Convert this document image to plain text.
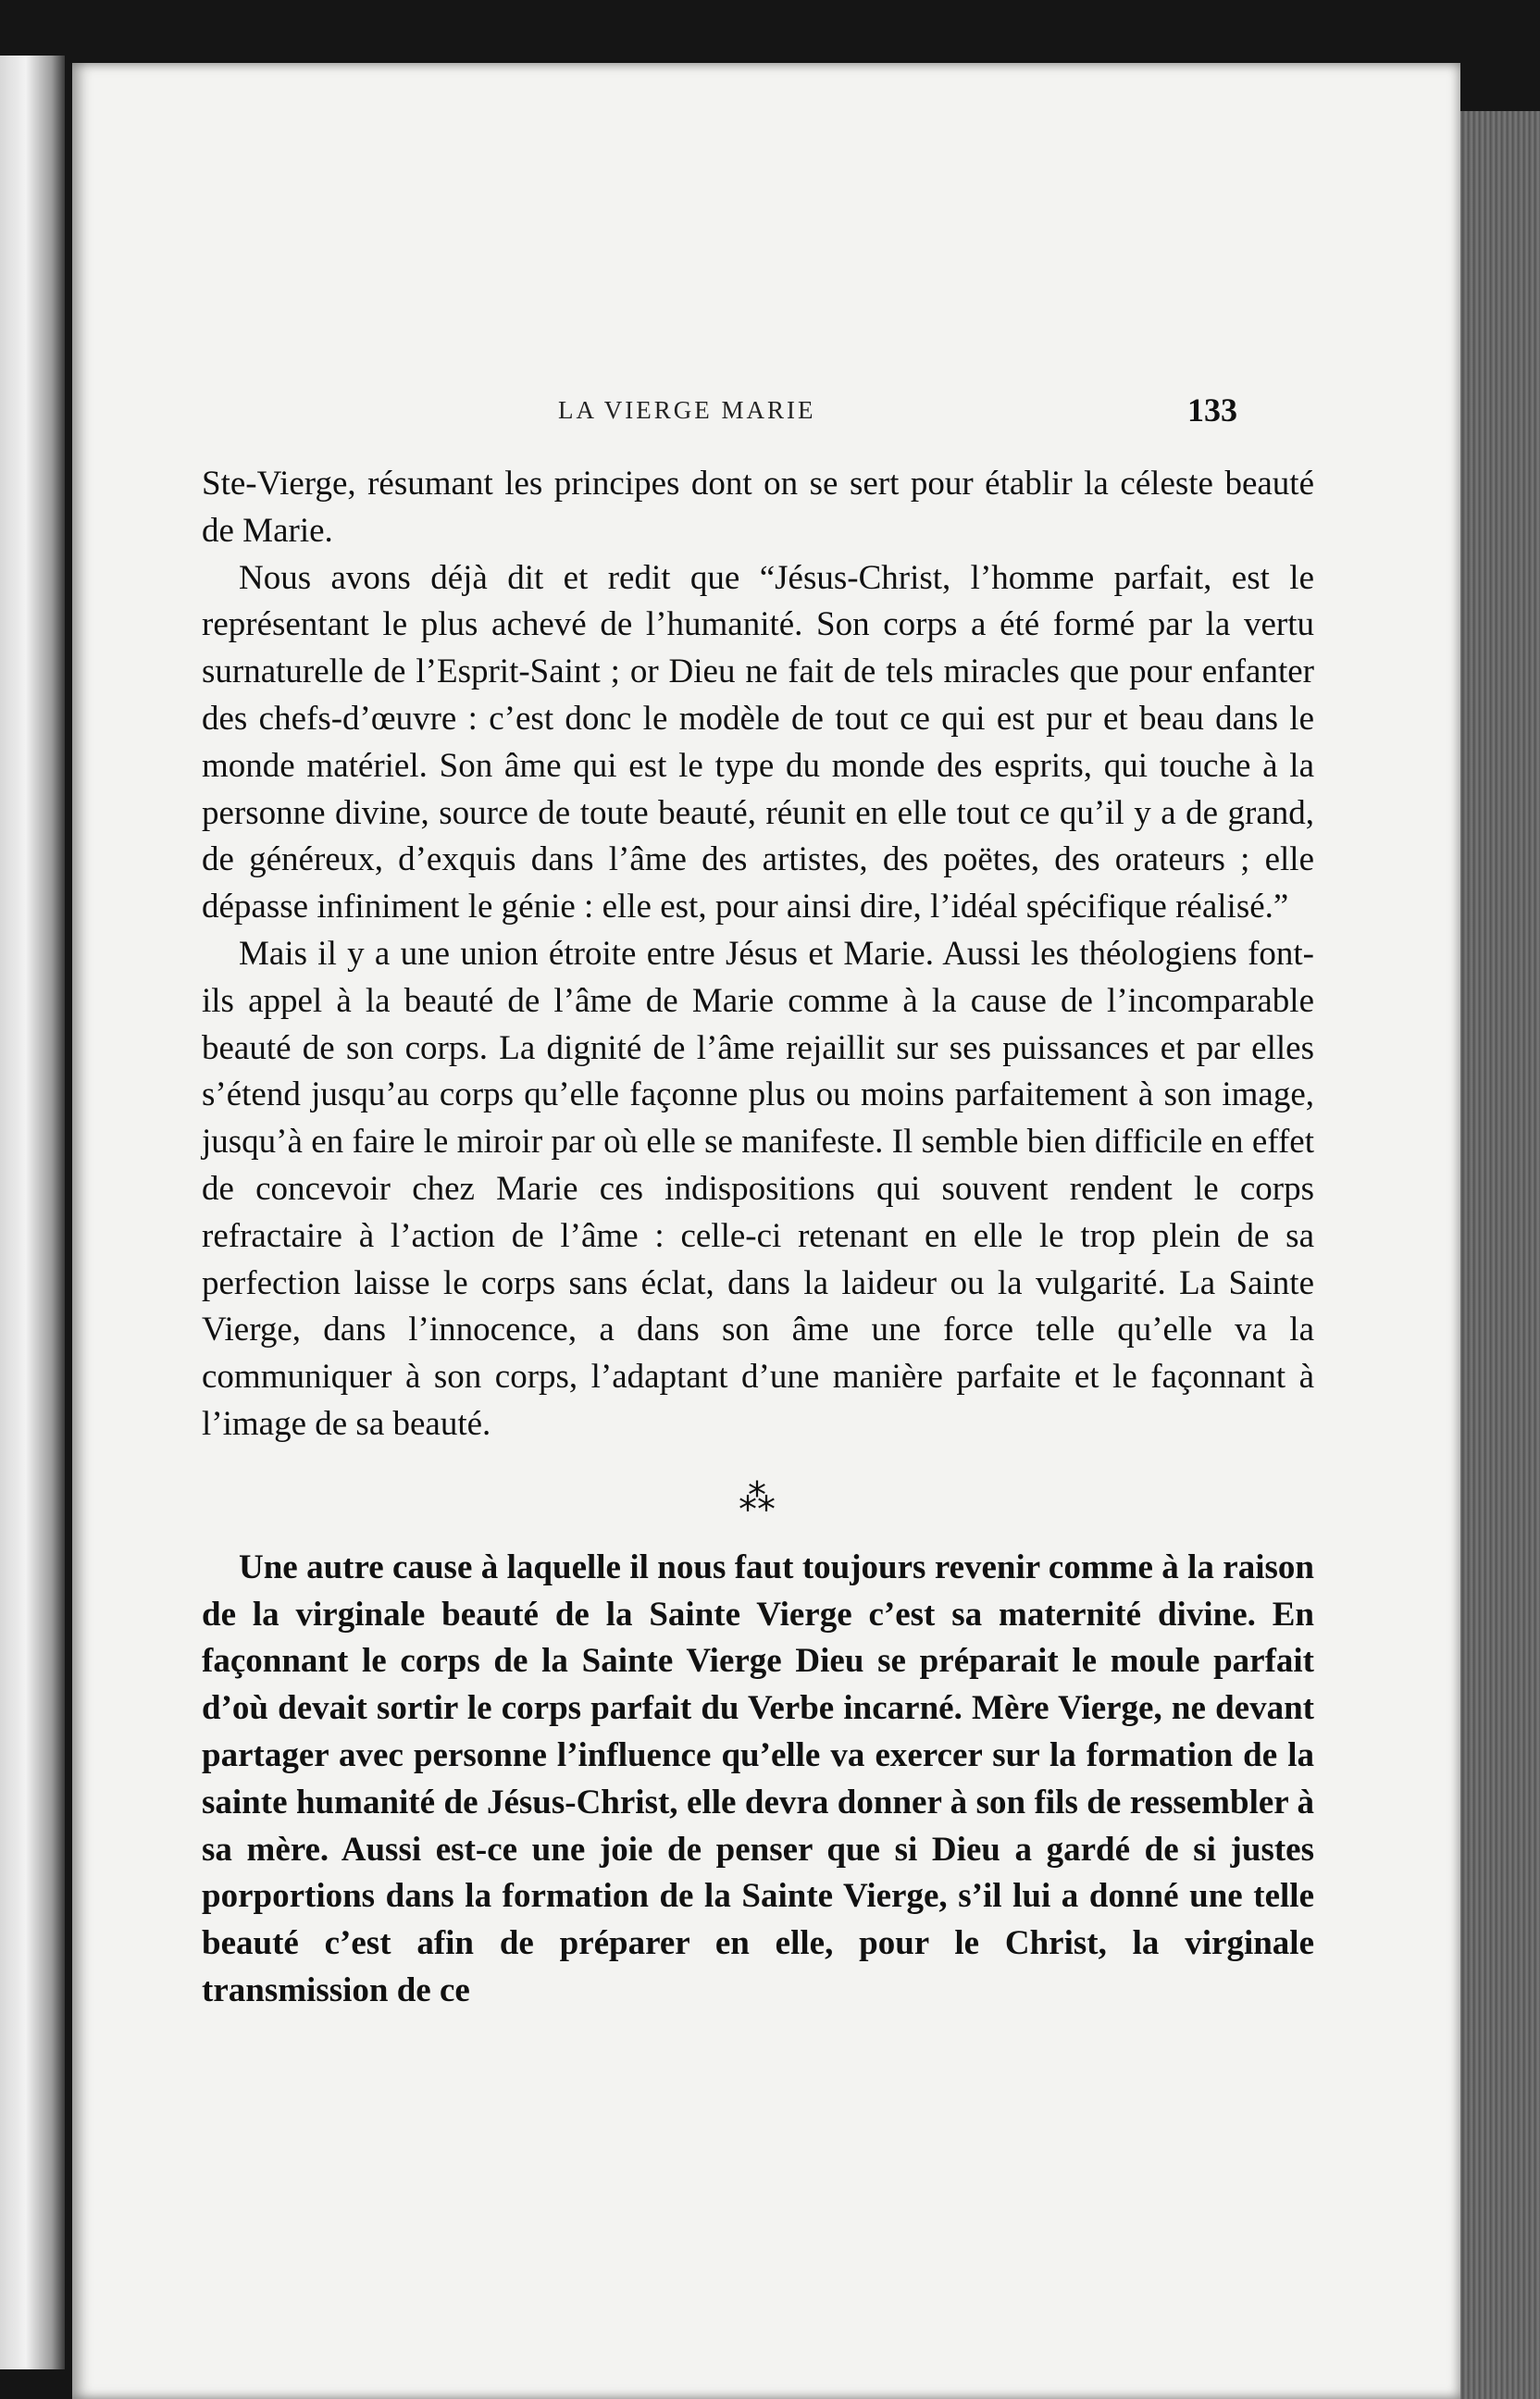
LA VIERGE MARIE	133

Ste-Vierge, résumant les principes dont on se sert pour établir la céleste beauté de Marie.

Nous avons déjà dit et redit que “Jésus-Christ, l’homme parfait, est le représentant le plus achevé de l’humanité. Son corps a été formé par la vertu surnaturelle de l’Esprit-Saint ; or Dieu ne fait de tels miracles que pour enfanter des chefs-d’œuvre : c’est donc le modèle de tout ce qui est pur et beau dans le monde matériel. Son âme qui est le type du monde des esprits, qui touche à la personne divine, source de toute beauté, réunit en elle tout ce qu’il y a de grand, de généreux, d’exquis dans l’âme des artistes, des poëtes, des orateurs ; elle dépasse infiniment le génie : elle est, pour ainsi dire, l’idéal spécifique réalisé.”

Mais il y a une union étroite entre Jésus et Marie. Aussi les théologiens font-ils appel à la beauté de l’âme de Marie comme à la cause de l’incomparable beauté de son corps. La dignité de l’âme rejaillit sur ses puissances et par elles s’étend jusqu’au corps qu’elle façonne plus ou moins parfaitement à son image, jusqu’à en faire le miroir par où elle se manifeste. Il semble bien difficile en effet de concevoir chez Marie ces indispositions qui souvent rendent le corps refractaire à l’action de l’âme : celle-ci retenant en elle le trop plein de sa perfection laisse le corps sans éclat, dans la laideur ou la vulgarité. La Sainte Vierge, dans l’innocence, a dans son âme une force telle qu’elle va la communiquer à son corps, l’adaptant d’une manière parfaite et le façonnant à l’image de sa beauté.

⁂

Une autre cause à laquelle il nous faut toujours revenir comme à la raison de la virginale beauté de la Sainte Vierge c’est sa maternité divine. En façonnant le corps de la Sainte Vierge Dieu se préparait le moule parfait d’où devait sortir le corps parfait du Verbe incarné. Mère Vierge, ne devant partager avec personne l’influence qu’elle va exercer sur la formation de la sainte humanité de Jésus-Christ, elle devra donner à son fils de ressembler à sa mère. Aussi est-ce une joie de penser que si Dieu a gardé de si justes porportions dans la formation de la Sainte Vierge, s’il lui a donné une telle beauté c’est afin de préparer en elle, pour le Christ, la virginale transmission de ce
